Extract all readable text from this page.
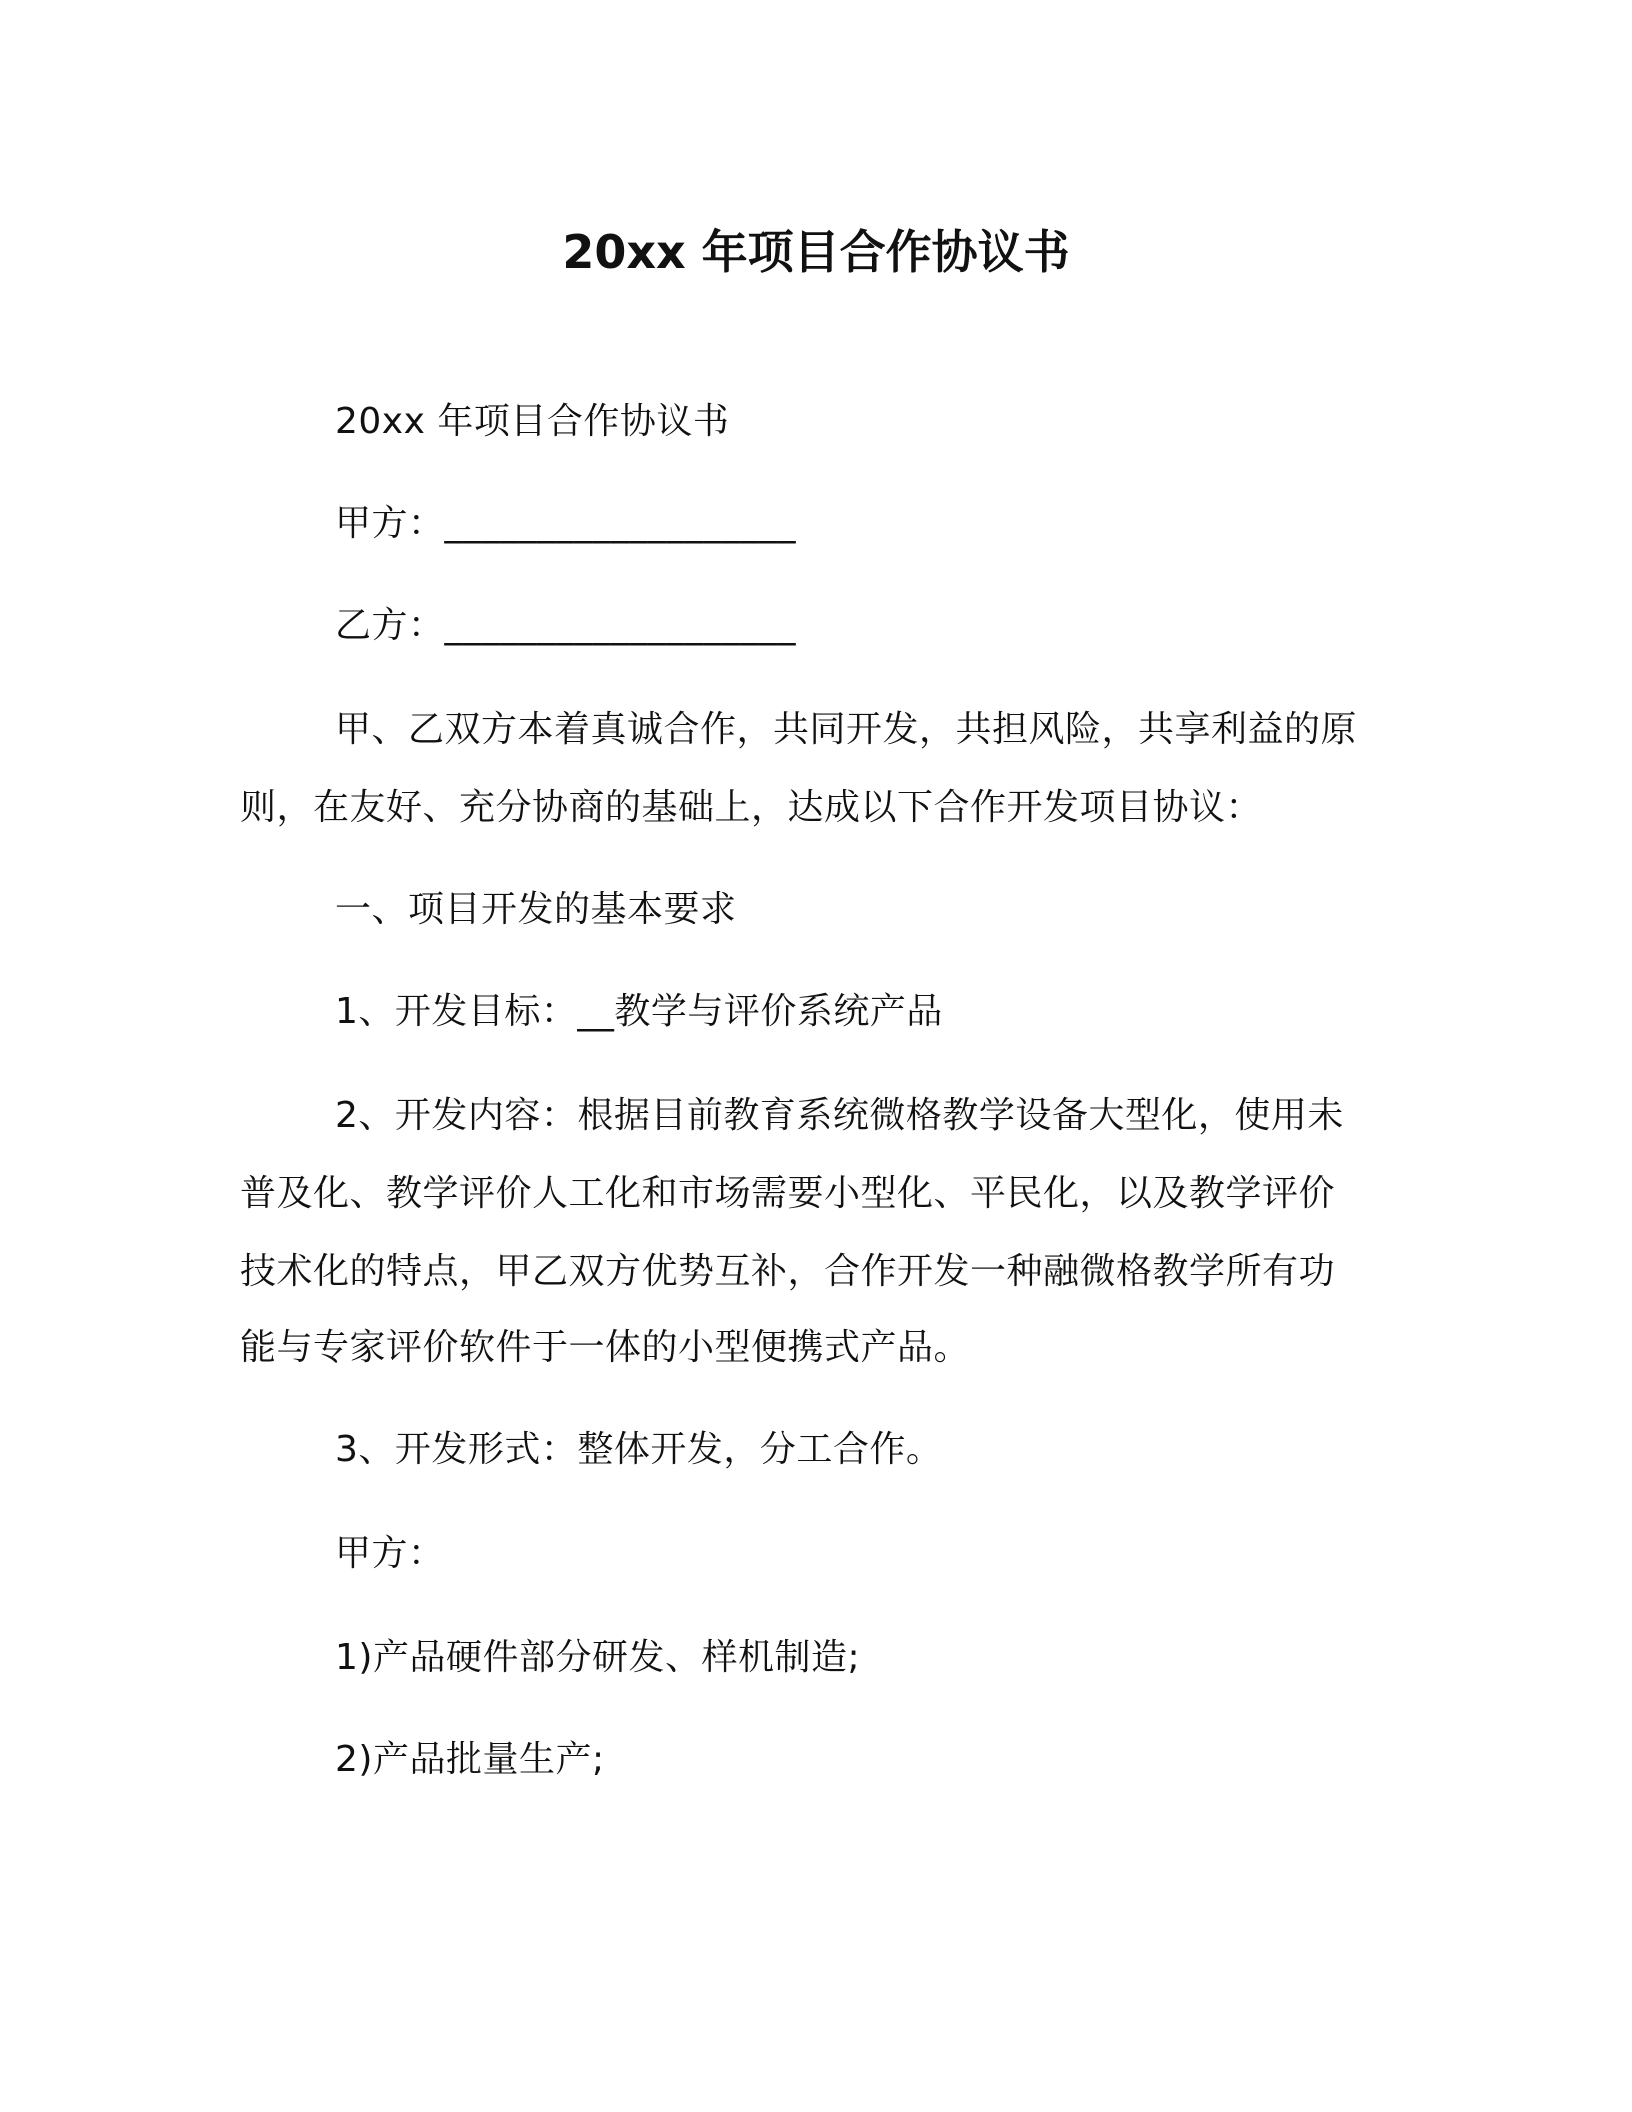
20xx 年项目合作协议书
20xx 年项目合作协议书
甲方：___________________
乙方：___________________
甲、乙双方本着真诚合作，共同开发，共担风险，共享利益的原
则，在友好、充分协商的基础上，达成以下合作开发项目协议：
一、项目开发的基本要求
1、开发目标：__教学与评价系统产品
2、开发内容：根据目前教育系统微格教学设备大型化，使用未
普及化、教学评价人工化和市场需要小型化、平民化，以及教学评价
技术化的特点，甲乙双方优势互补，合作开发一种融微格教学所有功
能与专家评价软件于一体的小型便携式产品。
3、开发形式：整体开发，分工合作。
甲方：
1)产品硬件部分研发、样机制造;
2)产品批量生产;
